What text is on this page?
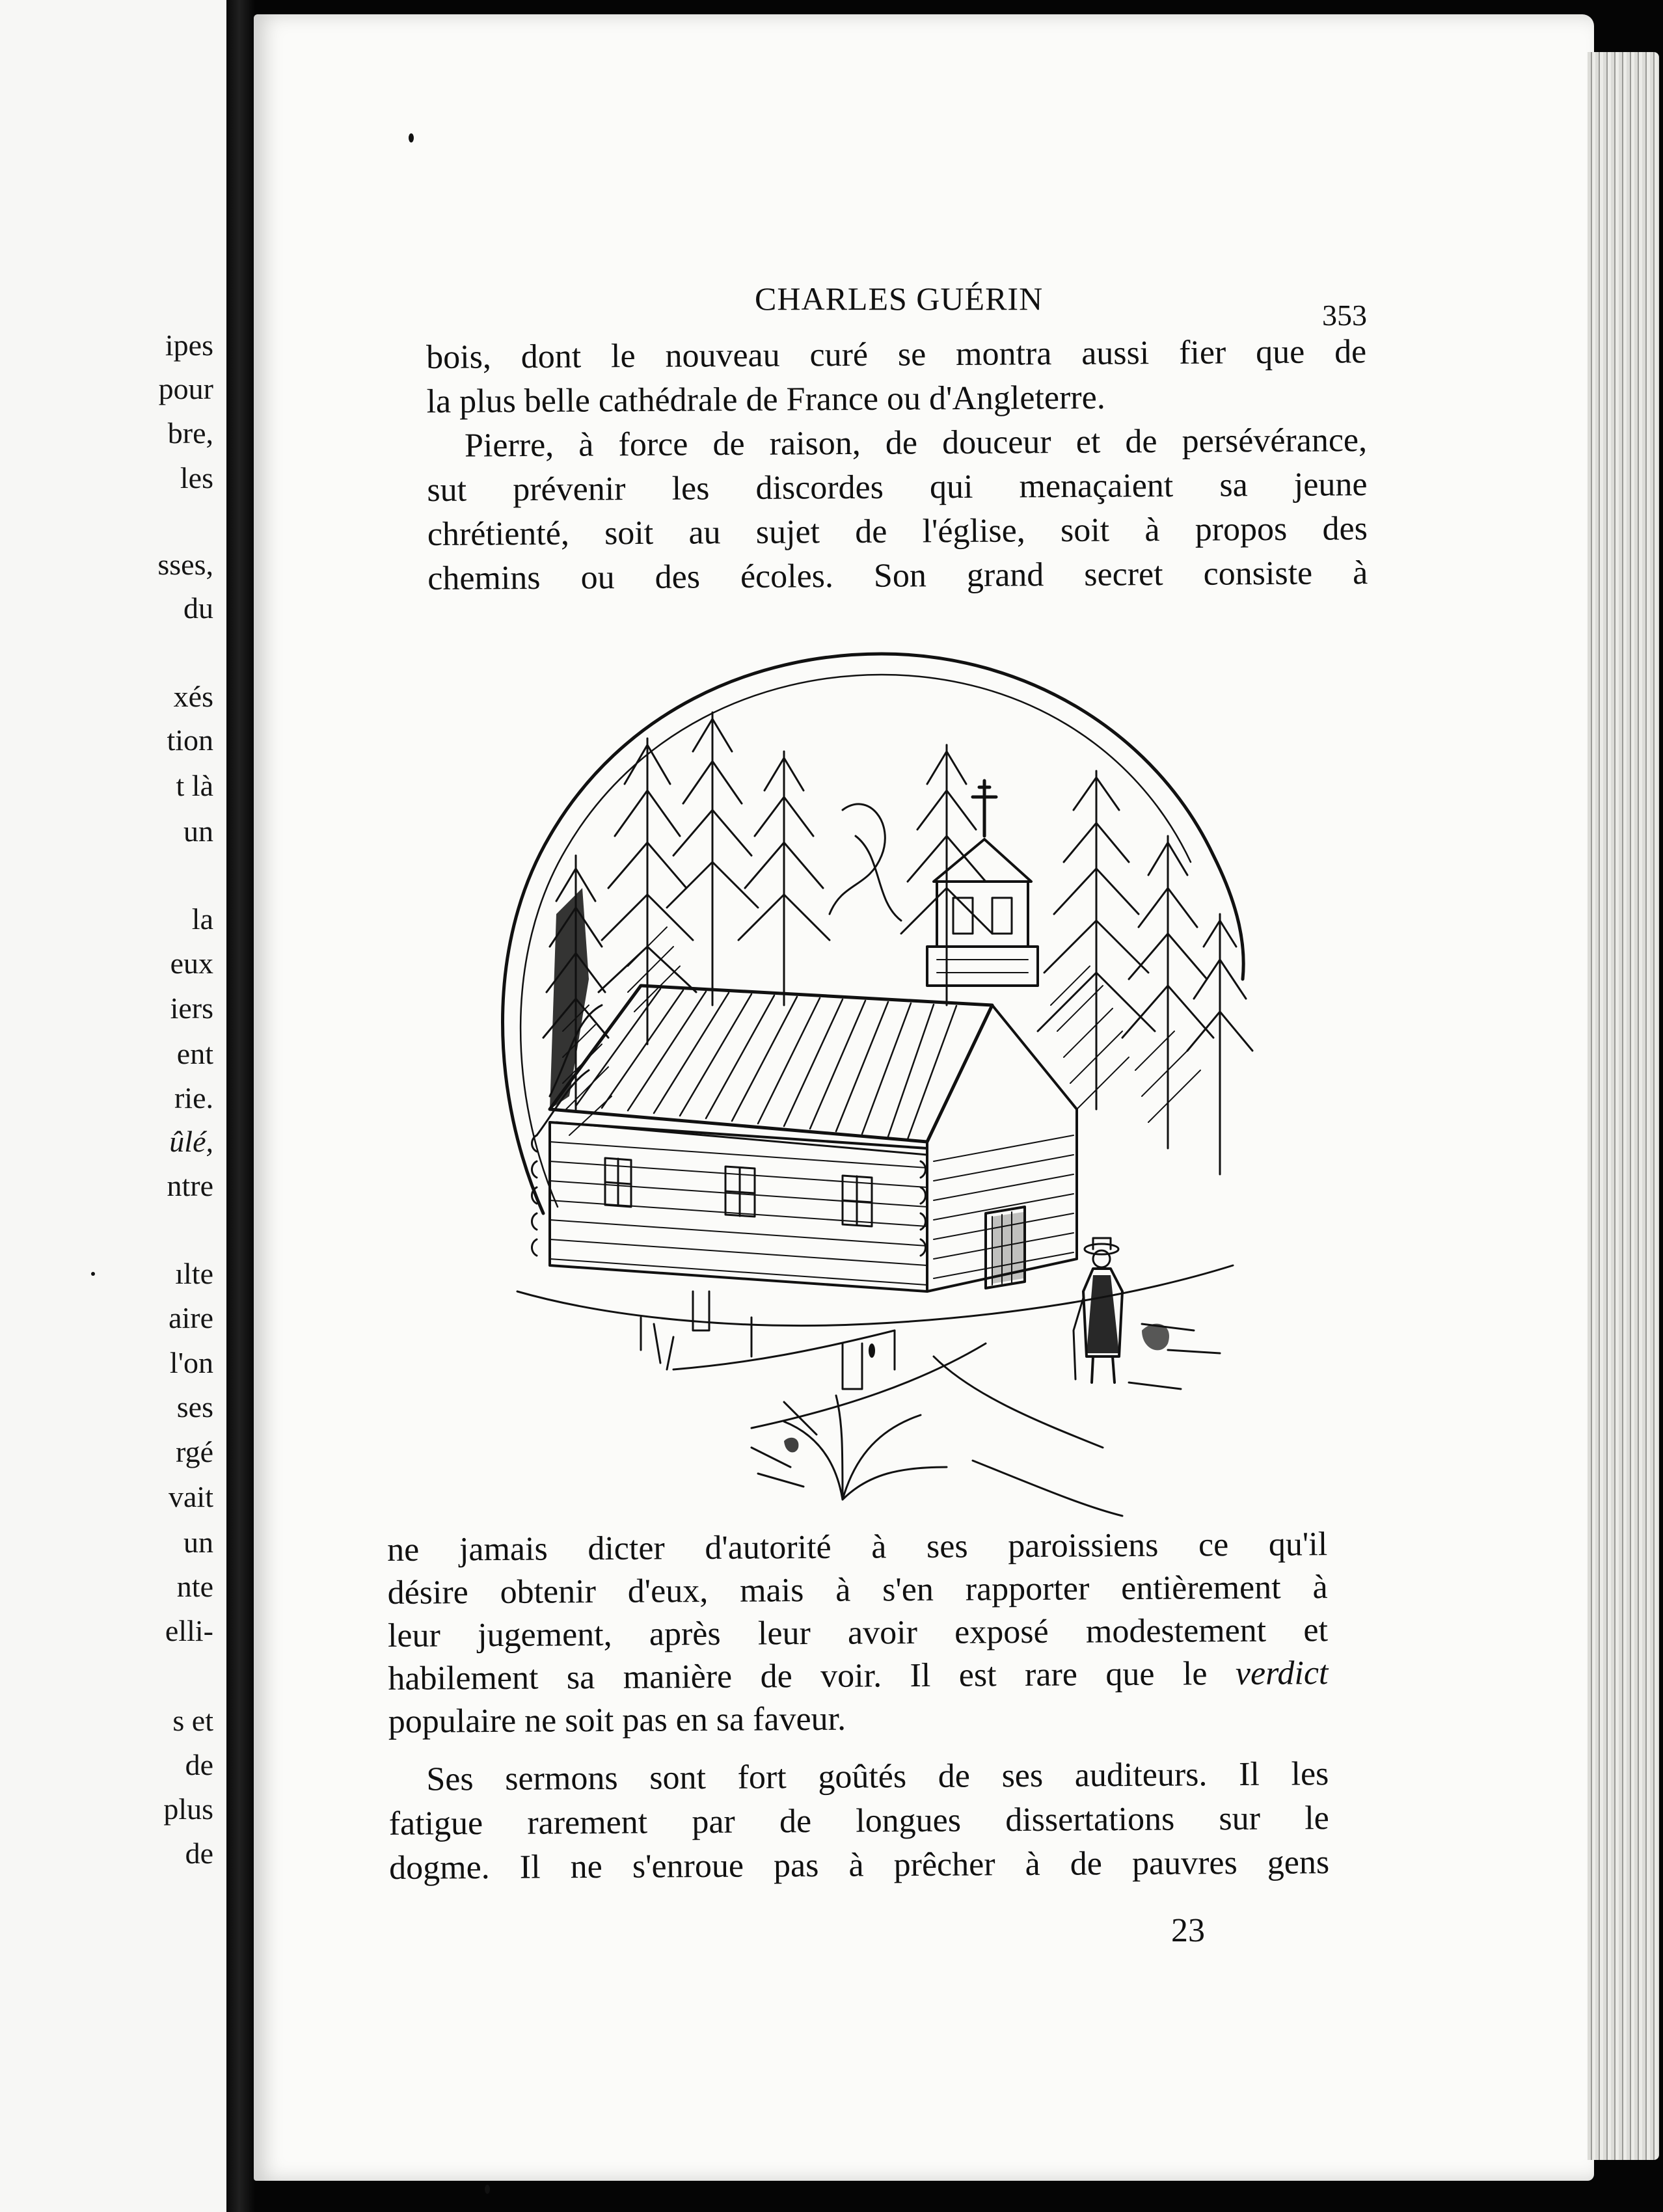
ipes
pour
bre,
les
sses,
du
xés
tion
t là
un
la
eux
iers
ent
rie.
ûlé,
ntre
ılte
aire
l'on
ses
rgé
vait
un
nte
elli-
s et
de
plus
de
CHARLES GUÉRIN	353
bois, dont le nouveau curé se montra aussi fier que de
la plus belle cathédrale de France ou d'Angleterre.
Pierre, à force de raison, de douceur et de persévérance,
sut prévenir les discordes qui menaçaient sa jeune
chrétienté, soit au sujet de l'église, soit à propos des
chemins ou des écoles. Son grand secret consiste à
ne jamais dicter d'autorité à ses paroissiens ce qu'il
désire obtenir d'eux, mais à s'en rapporter entièrement à
leur jugement, après leur avoir exposé modestement et
habilement sa manière de voir. Il est rare que le verdict
populaire ne soit pas en sa faveur.
Ses sermons sont fort goûtés de ses auditeurs. Il les
fatigue rarement par de longues dissertations sur le
dogme. Il ne s'enroue pas à prêcher à de pauvres gens
23
